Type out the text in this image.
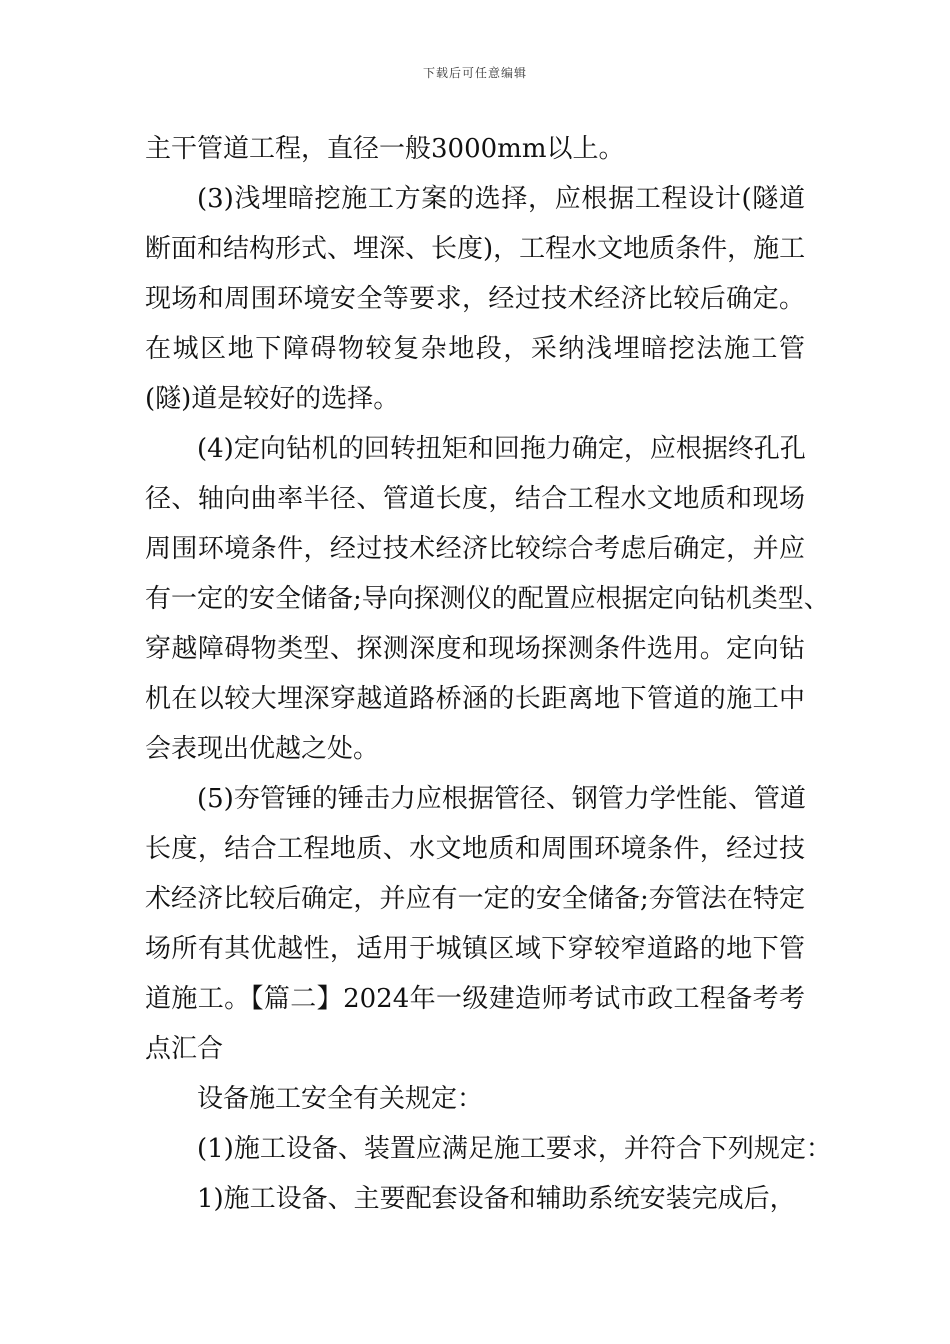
下载后可任意编辑
主干管道工程，直径一般3000mm以上。
(3)浅埋暗挖施工方案的选择，应根据工程设计(隧道
断面和结构形式、埋深、长度)，工程水文地质条件，施工
现场和周围环境安全等要求，经过技术经济比较后确定。
在城区地下障碍物较复杂地段，采纳浅埋暗挖法施工管
(隧)道是较好的选择。
(4)定向钻机的回转扭矩和回拖力确定，应根据终孔孔
径、轴向曲率半径、管道长度，结合工程水文地质和现场
周围环境条件，经过技术经济比较综合考虑后确定，并应
有一定的安全储备;导向探测仪的配置应根据定向钻机类型、
穿越障碍物类型、探测深度和现场探测条件选用。定向钻
机在以较大埋深穿越道路桥涵的长距离地下管道的施工中
会表现出优越之处。
(5)夯管锤的锤击力应根据管径、钢管力学性能、管道
长度，结合工程地质、水文地质和周围环境条件，经过技
术经济比较后确定，并应有一定的安全储备;夯管法在特定
场所有其优越性，适用于城镇区域下穿较窄道路的地下管
道施工。【篇二】2024年一级建造师考试市政工程备考考
点汇合
设备施工安全有关规定：
(1)施工设备、装置应满足施工要求，并符合下列规定：
1)施工设备、主要配套设备和辅助系统安装完成后，
